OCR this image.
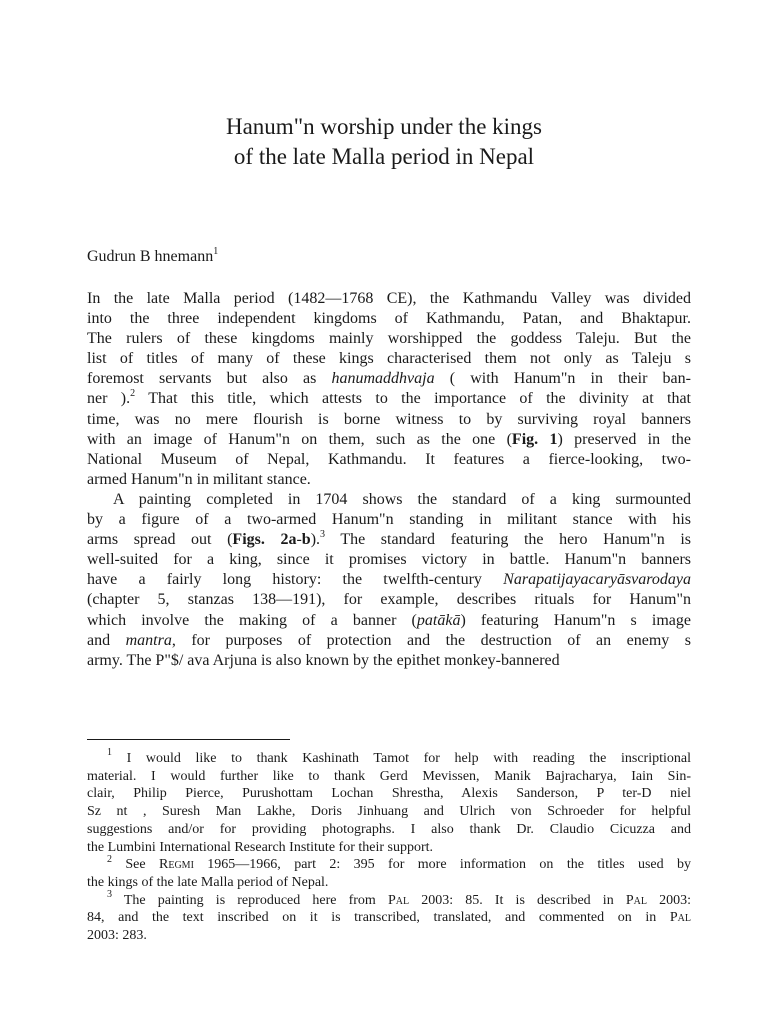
Hanum"n worship under the kings
of the late Malla period in Nepal

Gudrun B hnemann$^1$

In the late Malla period (1482—1768 CE), the Kathmandu Valley was divided
into the three independent kingdoms of Kathmandu, Patan, and Bhaktapur.
The rulers of these kingdoms mainly worshipped the goddess Taleju. But the
list of titles of many of these kings characterised them not only as Taleju s
foremost servants but also as hanumaddhvaja ( with Hanum"n in their ban-
ner ).$^2$ That this title, which attests to the importance of the divinity at that
time, was no mere flourish is borne witness to by surviving royal banners
with an image of Hanum"n on them, such as the one (Fig. 1) preserved in the
National Museum of Nepal, Kathmandu. It features a fierce-looking, two-
armed Hanum"n in militant stance.

A painting completed in 1704 shows the standard of a king surmounted
by a figure of a two-armed Hanum"n standing in militant stance with his
arms spread out (Figs. 2a-b).$^3$ The standard featuring the hero Hanum"n is
well-suited for a king, since it promises victory in battle. Hanum"n banners
have a fairly long history: the twelfth-century Narapatijayacaryāsvarodaya
(chapter 5, stanzas 138—191), for example, describes rituals for Hanum"n
which involve the making of a banner (patākā) featuring Hanum"n s image
and mantra, for purposes of protection and the destruction of an enemy s
army. The P"$/ ava Arjuna is also known by the epithet monkey-bannered

$^1$ I would like to thank Kashinath Tamot for help with reading the inscriptional
material. I would further like to thank Gerd Mevissen, Manik Bajracharya, Iain Sin-
clair, Philip Pierce, Purushottam Lochan Shrestha, Alexis Sanderson, P ter-D niel
Sz nt , Suresh Man Lakhe, Doris Jinhuang and Ulrich von Schroeder for helpful
suggestions and/or for providing photographs. I also thank Dr. Claudio Cicuzza and
the Lumbini International Research Institute for their support.
$^2$ See Regmi 1965—1966, part 2: 395 for more information on the titles used by
the kings of the late Malla period of Nepal.
$^3$ The painting is reproduced here from Pal 2003: 85. It is described in Pal 2003:
84, and the text inscribed on it is transcribed, translated, and commented on in Pal
2003: 283.
